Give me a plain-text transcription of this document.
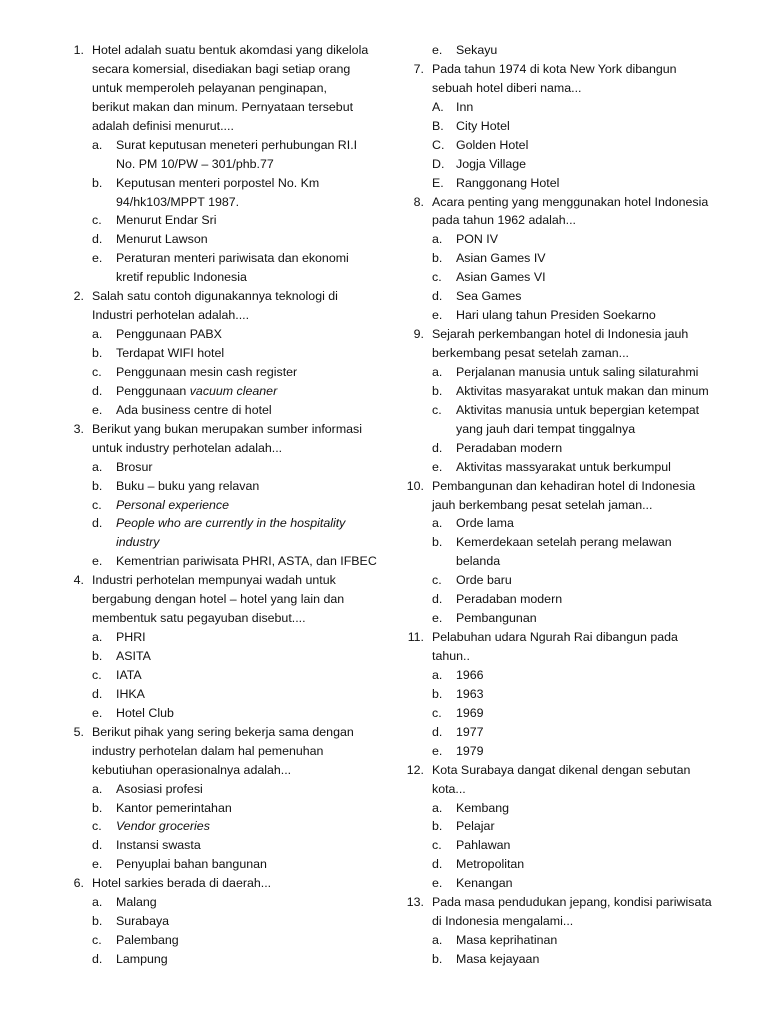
1. Hotel adalah suatu bentuk akomdasi yang dikelola
secara komersial, disediakan bagi setiap orang
untuk memperoleh pelayanan penginapan,
berikut makan dan minum. Pernyataan tersebut
adalah definisi menurut....
a. Surat keputusan meneteri perhubungan RI.I
No. PM 10/PW – 301/phb.77
b. Keputusan menteri porpostel No. Km
94/hk103/MPPT 1987.
c. Menurut Endar Sri
d. Menurut Lawson
e. Peraturan menteri pariwisata dan ekonomi
kretif republic Indonesia
2. Salah satu contoh digunakannya teknologi di
Industri perhotelan adalah....
a. Penggunaan PABX
b. Terdapat WIFI hotel
c. Penggunaan mesin cash register
d. Penggunaan vacuum cleaner
e. Ada business centre di hotel
3. Berikut yang bukan merupakan sumber informasi
untuk industry perhotelan adalah...
a. Brosur
b. Buku – buku yang relavan
c. Personal experience
d. People who are currently in the hospitality
industry
e. Kementrian pariwisata PHRI, ASTA, dan IFBEC
4. Industri perhotelan mempunyai wadah untuk
bergabung dengan hotel – hotel yang lain dan
membentuk satu pegayuban disebut....
a. PHRI
b. ASITA
c. IATA
d. IHKA
e. Hotel Club
5. Berikut pihak yang sering bekerja sama dengan
industry perhotelan dalam hal pemenuhan
kebutiuhan operasionalnya adalah...
a. Asosiasi profesi
b. Kantor pemerintahan
c. Vendor groceries
d. Instansi swasta
e. Penyuplai bahan bangunan
6. Hotel sarkies berada di daerah...
a. Malang
b. Surabaya
c. Palembang
d. Lampung
e. Sekayu
7. Pada tahun 1974 di kota New York dibangun
sebuah hotel diberi nama...
A. Inn
B. City Hotel
C. Golden Hotel
D. Jogja Village
E. Ranggonang Hotel
8. Acara penting yang menggunakan hotel Indonesia
pada tahun 1962 adalah...
a. PON IV
b. Asian Games IV
c. Asian Games VI
d. Sea Games
e. Hari ulang tahun Presiden Soekarno
9. Sejarah perkembangan hotel di Indonesia jauh
berkembang pesat setelah zaman...
a. Perjalanan manusia untuk saling silaturahmi
b. Aktivitas masyarakat untuk makan dan minum
c. Aktivitas manusia untuk bepergian ketempat
yang jauh dari tempat tinggalnya
d. Peradaban modern
e. Aktivitas massyarakat untuk berkumpul
10. Pembangunan dan kehadiran hotel di Indonesia
jauh berkembang pesat setelah jaman...
a. Orde lama
b. Kemerdekaan setelah perang melawan
belanda
c. Orde baru
d. Peradaban modern
e. Pembangunan
11. Pelabuhan udara Ngurah Rai dibangun pada
tahun..
a. 1966
b. 1963
c. 1969
d. 1977
e. 1979
12. Kota Surabaya dangat dikenal dengan sebutan
kota...
a. Kembang
b. Pelajar
c. Pahlawan
d. Metropolitan
e. Kenangan
13. Pada masa pendudukan jepang, kondisi pariwisata
di Indonesia mengalami...
a. Masa keprihatinan
b. Masa kejayaan
